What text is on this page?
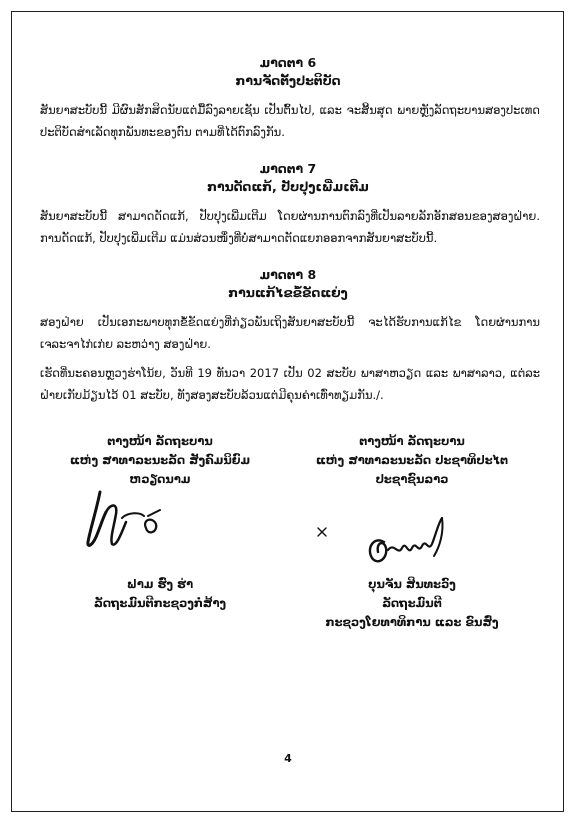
ມາດຕາ 6
ການຈັດຕັ້ງປະຕິບັດ
ສັນຍາສະບັບນີ້ ມີຜົນສັກສິດນັບແຕ່ມື້ລົງລາຍເຊັນ ເປັນຕົ້ນໄປ, ແລະ ຈະສິ້ນສຸດ ພາຍຫຼັງລັດຖະບານສອງປະເທດ ປະຕິບັດສຳເລັດທຸກພັນທະຂອງຕົນ ຕາມທີ່ໄດ້ຕົກລົງກັນ.
ມາດຕາ 7
ການດັດແກ້, ປັບປຸງເພີ່ມເຕີມ
ສັນຍາສະບັບນີ້ ສາມາດດັດແກ້, ປັບປຸງເພີ່ມເຕີມ ໂດຍຜ່ານການຕົກລົງທີ່ເປັນລາຍລັກອັກສອນຂອງສອງຝ່າຍ. ການດັດແກ້, ປັບປຸງເພີ່ມເຕີມ ແມ່ນສ່ວນໜຶ່ງທີ່ບໍ່ສາມາດຕັດແຍກອອກຈາກສັນຍາສະບັບນີ້.
ມາດຕາ 8
ການແກ້ໄຂຂໍ້ຂັດແຍ່ງ
ສອງຝ່າຍ ເປັນເອກະພາບທຸກຂໍ້ຂັດແຍ່ງທີ່ກ່ຽວພັນເຖິງສັນຍາສະບັບນີ້ ຈະໄດ້ຮັບການແກ້ໄຂ ໂດຍຜ່ານການເຈລະຈາໄກ່ເກ່ຍ ລະຫວ່າງ ສອງຝ່າຍ.
ເຮັດທີ່ນະຄອນຫຼວງຮ່າໂນ້ຍ, ວັນທີ 19 ທັນວາ 2017 ເປັນ 02 ສະບັບ ພາສາຫວຽດ ແລະ ພາສາລາວ, ແຕ່ລະຝ່າຍເກັບມ້ຽນໄວ້ 01 ສະບັບ, ທັງສອງສະບັບລ້ວນແຕ່ມີຄຸນຄ່າເທົ່າທຽມກັນ./.
ຕາງໜ້າ ລັດຖະບານ
ແຫ່ງ ສາທາລະນະລັດ ສັງຄົມນິຍົມ
ຫວຽດນາມ
ຟາມ ຮົ່ງ ຮ່າ
ລັດຖະມົນຕີກະຊວງກໍ່ສ້າງ
ຕາງໜ້າ ລັດຖະບານ
ແຫ່ງ ສາທາລະນະລັດ ປະຊາທິປະໄຕ
ປະຊາຊົນລາວ
ບຸນຈັນ ສິນທະວົງ
ລັດຖະມົນຕີ
ກະຊວງໂຍທາທິການ ແລະ ຂົນສົ່ງ
4
